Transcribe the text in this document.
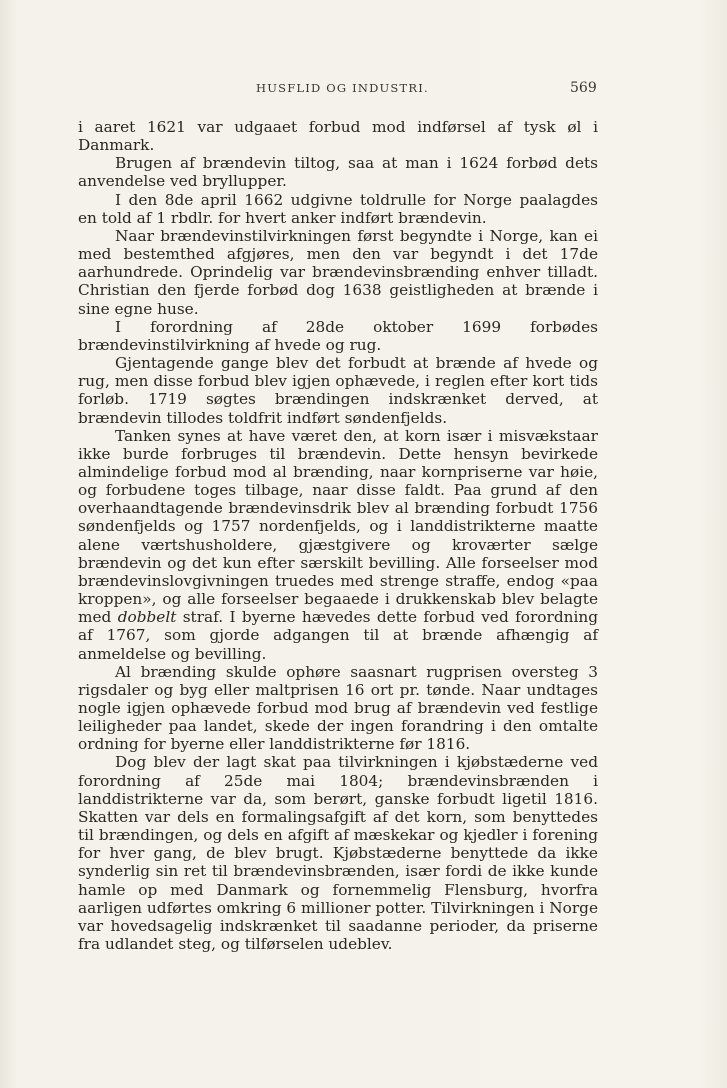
HUSFLID OG INDUSTRI.	569

i aaret 1621 var udgaaet forbud mod indførsel af tysk øl i Danmark.

Brugen af brændevin tiltog, saa at man i 1624 forbød dets anvendelse ved bryllupper.

I den 8de april 1662 udgivne toldrulle for Norge paalagdes en told af 1 rbdlr. for hvert anker indført brændevin.

Naar brændevinstilvirkningen først begyndte i Norge, kan ei med bestemthed afgjøres, men den var begyndt i det 17de aarhundrede. Oprindelig var brændevinsbrænding enhver tilladt. Christian den fjerde forbød dog 1638 geistligheden at brænde i sine egne huse.

I forordning af 28de oktober 1699 forbødes brændevinstilvirkning af hvede og rug.

Gjentagende gange blev det forbudt at brænde af hvede og rug, men disse forbud blev igjen ophævede, i reglen efter kort tids forløb. 1719 søgtes brændingen indskrænket derved, at brændevin tillodes toldfrit indført søndenfjelds.

Tanken synes at have været den, at korn især i misvækstaar ikke burde forbruges til brændevin. Dette hensyn bevirkede almindelige forbud mod al brænding, naar kornpriserne var høie, og forbudene toges tilbage, naar disse faldt. Paa grund af den overhaandtagende brændevinsdrik blev al brænding forbudt 1756 søndenfjelds og 1757 nordenfjelds, og i landdistrikterne maatte alene værtshusholdere, gjæstgivere og kroværter sælge brændevin og det kun efter særskilt bevilling. Alle forseelser mod brændevinslovgivningen truedes med strenge straffe, endog «paa kroppen», og alle forseelser begaaede i drukkenskab blev belagte med dobbelt straf. I byerne hævedes dette forbud ved forordning af 1767, som gjorde adgangen til at brænde afhængig af anmeldelse og bevilling.

Al brænding skulde ophøre saasnart rugprisen oversteg 3 rigsdaler og byg eller maltprisen 16 ort pr. tønde. Naar undtages nogle igjen ophævede forbud mod brug af brændevin ved festlige leiligheder paa landet, skede der ingen forandring i den omtalte ordning for byerne eller landdistrikterne før 1816.

Dog blev der lagt skat paa tilvirkningen i kjøbstæderne ved forordning af 25de mai 1804; brændevinsbrænden i landdistrikterne var da, som berørt, ganske forbudt ligetil 1816. Skatten var dels en formalingsafgift af det korn, som benyttedes til brændingen, og dels en afgift af mæskekar og kjedler i forening for hver gang, de blev brugt. Kjøbstæderne benyttede da ikke synderlig sin ret til brændevinsbrænden, især fordi de ikke kunde hamle op med Danmark og fornemmelig Flensburg, hvorfra aarligen udførtes omkring 6 millioner potter. Tilvirkningen i Norge var hovedsagelig indskrænket til saadanne perioder, da priserne fra udlandet steg, og tilførselen udeblev.
